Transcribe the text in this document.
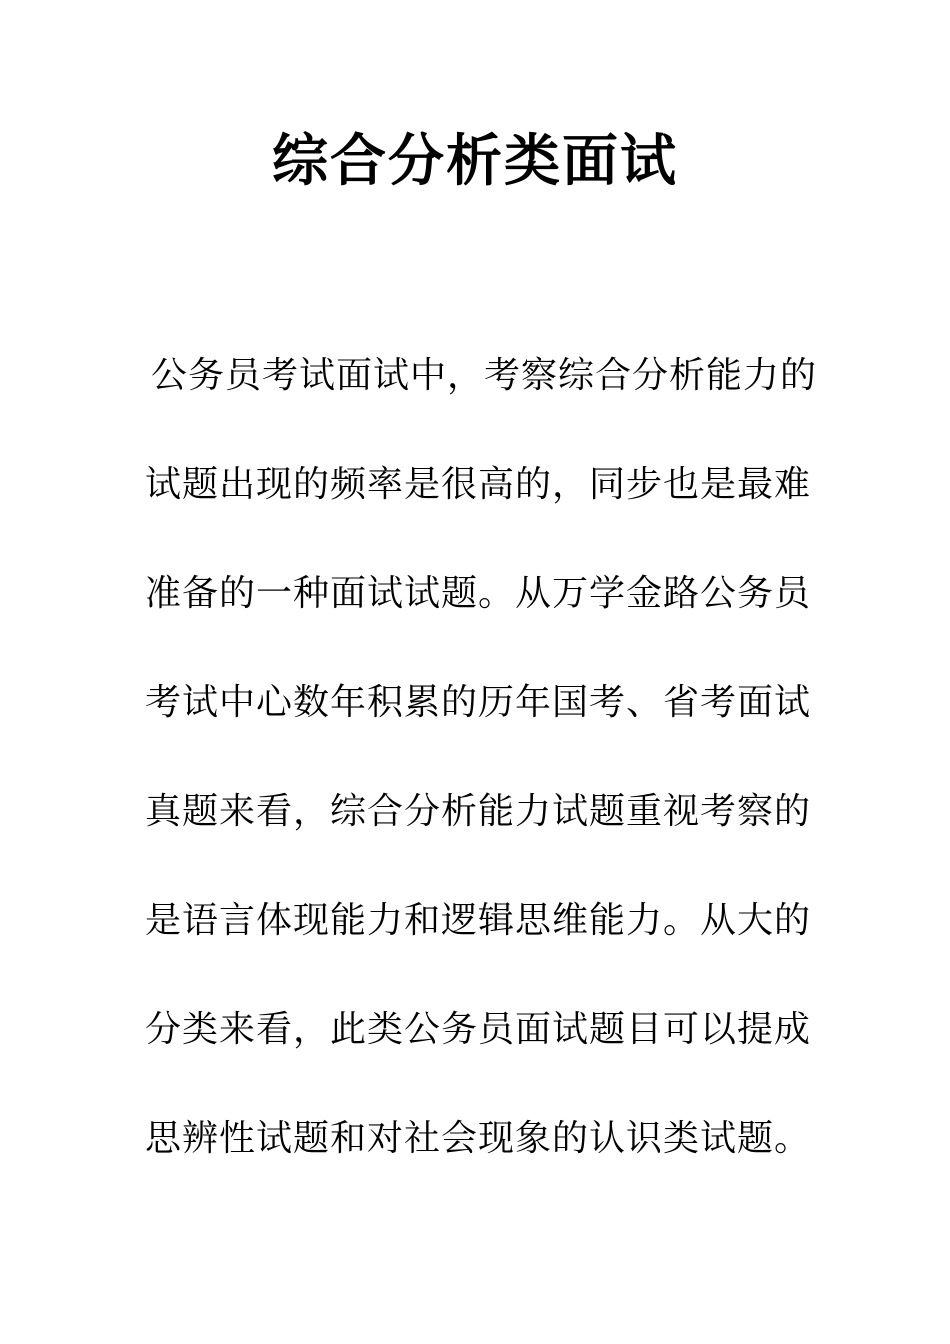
综合分析类面试

公务员考试面试中，考察综合分析能力的

试题出现的频率是很高的，同步也是最难

准备的一种面试试题。从万学金路公务员

考试中心数年积累的历年国考、省考面试

真题来看，综合分析能力试题重视考察的

是语言体现能力和逻辑思维能力。从大的

分类来看，此类公务员面试题目可以提成

思辨性试题和对社会现象的认识类试题。
